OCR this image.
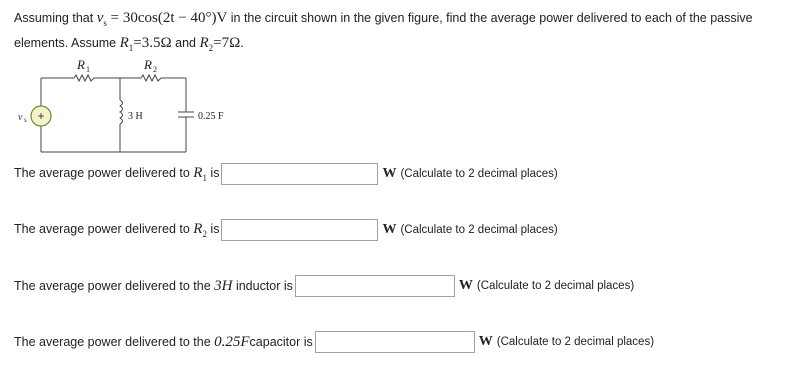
Assuming that $v_s = 30\cos(2t - 40^\circ)V$ in the circuit shown in the given figure, find the average power delivered to each of the passive
elements. Assume $R_1=3.5\Omega$ and $R_2=7\Omega$.
+
v s
R 1	R 2
3 H	0.25 F
The average power delivered to $R_1$ is	W (Calculate to 2 decimal places)
The average power delivered to $R_2$ is	W (Calculate to 2 decimal places)
The average power delivered to the 3H inductor is	W (Calculate to 2 decimal places)
The average power delivered to the 0.25Fcapacitor is	W (Calculate to 2 decimal places)
